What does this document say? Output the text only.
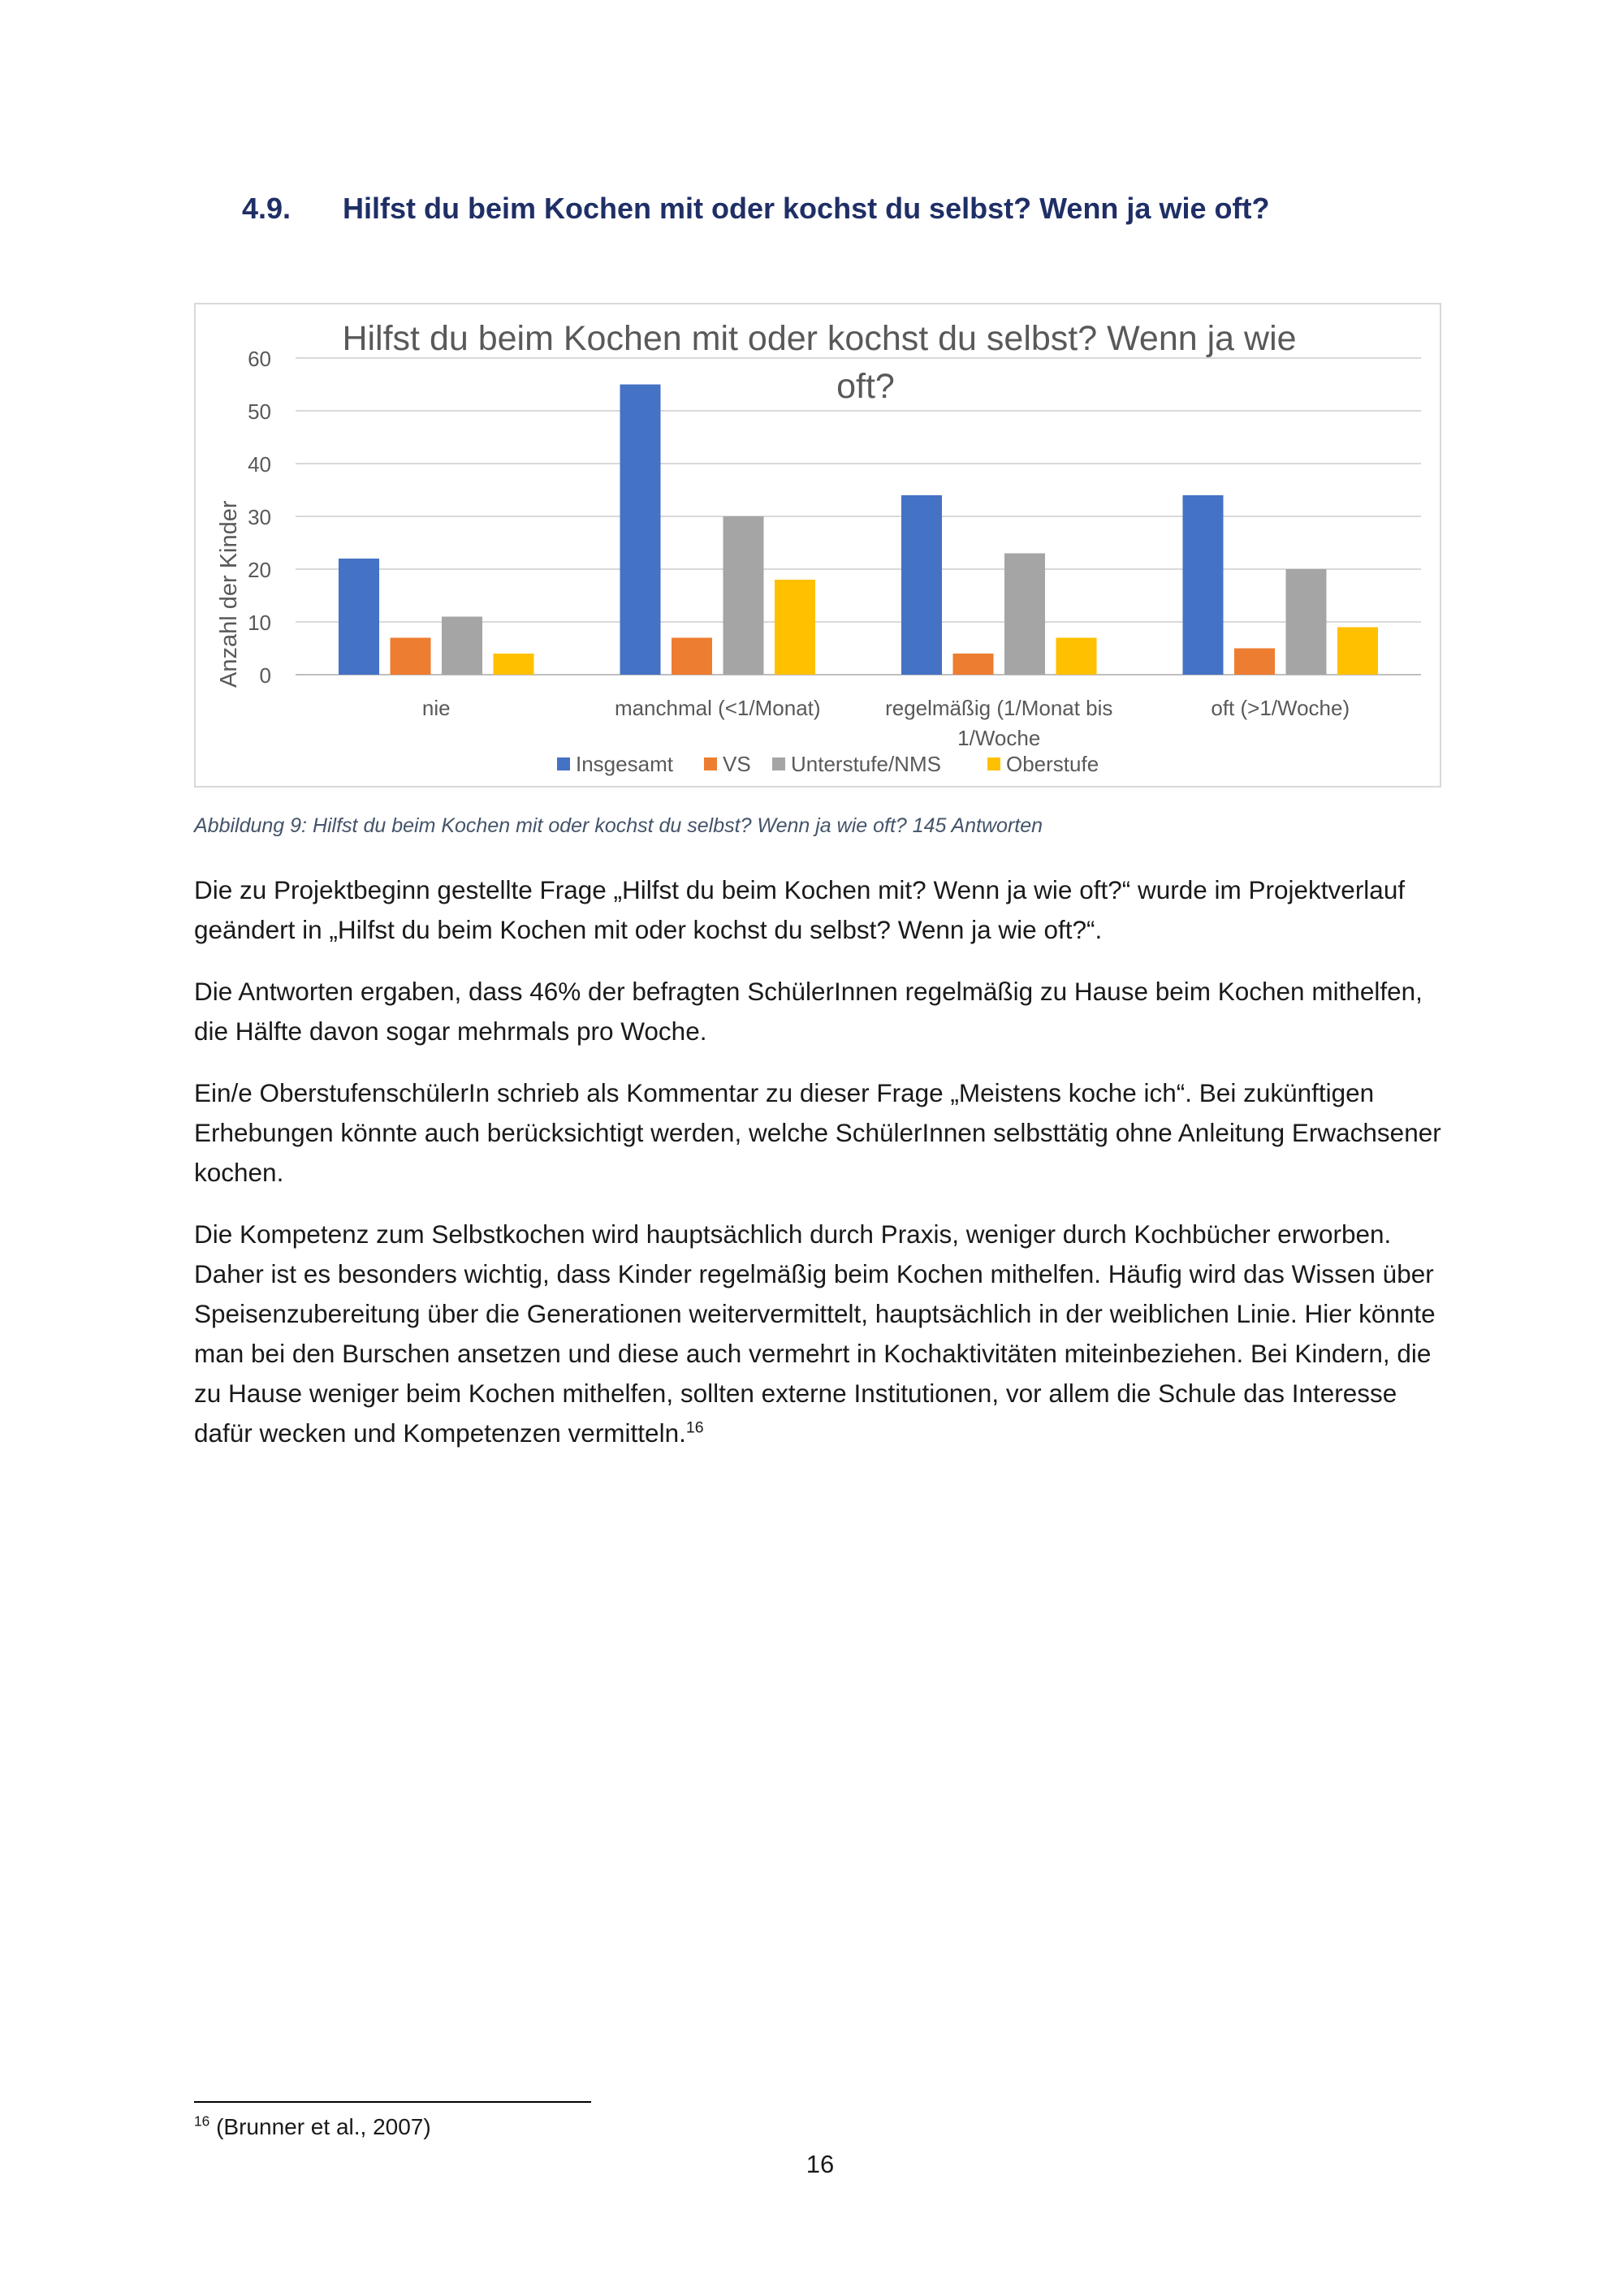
4.9. Hilfst du beim Kochen mit oder kochst du selbst? Wenn ja wie oft?
0
10
20
30
40
50
60
Hilfst du beim Kochen mit oder kochst du selbst? Wenn ja wie
oft?
Anzahl der Kinder
nie	manchmal (<1/Monat)	regelmäßig (1/Monat bis
1/Woche
oft (>1/Woche)
Insgesamt VS Unterstufe/NMS	Oberstufe
Abbildung 9: Hilfst du beim Kochen mit oder kochst du selbst? Wenn ja wie oft? 145 Antworten

Die zu Projektbeginn gestellte Frage „Hilfst du beim Kochen mit? Wenn ja wie oft?“ wurde im Projektverlauf geändert in „Hilfst du beim Kochen mit oder kochst du selbst? Wenn ja wie oft?“.

Die Antworten ergaben, dass 46% der befragten SchülerInnen regelmäßig zu Hause beim Kochen mithelfen, die Hälfte davon sogar mehrmals pro Woche.

Ein/e OberstufenschülerIn schrieb als Kommentar zu dieser Frage „Meistens koche ich“. Bei zukünftigen Erhebungen könnte auch berücksichtigt werden, welche SchülerInnen selbsttätig ohne Anleitung Erwachsener kochen.

Die Kompetenz zum Selbstkochen wird hauptsächlich durch Praxis, weniger durch Kochbücher erworben. Daher ist es besonders wichtig, dass Kinder regelmäßig beim Kochen mithelfen. Häufig wird das Wissen über Speisenzubereitung über die Generationen weitervermittelt, hauptsächlich in der weiblichen Linie. Hier könnte man bei den Burschen ansetzen und diese auch vermehrt in Kochaktivitäten miteinbeziehen. Bei Kindern, die zu Hause weniger beim Kochen mithelfen, sollten externe Institutionen, vor allem die Schule das Interesse dafür wecken und Kompetenzen vermitteln.$^{16}$

$^{16}$ (Brunner et al., 2007)
16
